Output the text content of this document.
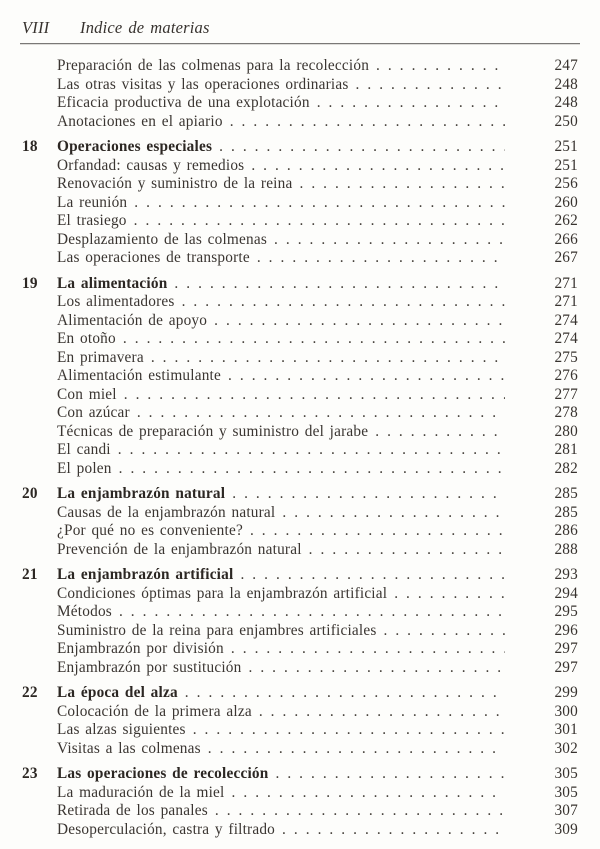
VIII	Indice de materias
Preparación de las colmenas para la recolección . . .	247
Las otras visitas y las operaciones ordinarias . . .	248
Eficacia productiva de una explotación . . .	248
Anotaciones en el apiario . . .	250
18	Operaciones especiales . . .	251
Orfandad: causas y remedios . . .	251
Renovación y suministro de la reina . . .	256
La reunión . . .	260
El trasiego . . .	262
Desplazamiento de las colmenas . . .	266
Las operaciones de transporte . . .	267
19	La alimentación . . .	271
Los alimentadores . . .	271
Alimentación de apoyo . . .	274
En otoño . . .	274
En primavera . . .	275
Alimentación estimulante . . .	276
Con miel . . .	277
Con azúcar . . .	278
Técnicas de preparación y suministro del jarabe . . .	280
El candi . . .	281
El polen . . .	282
20	La enjambrazón natural . . .	285
Causas de la enjambrazón natural . . .	285
¿Por qué no es conveniente? . . .	286
Prevención de la enjambrazón natural . . .	288
21	La enjambrazón artificial . . .	293
Condiciones óptimas para la enjambrazón artificial . . .	294
Métodos . . .	295
Suministro de la reina para enjambres artificiales . . .	296
Enjambrazón por división . . .	297
Enjambrazón por sustitución . . .	297
22	La época del alza . . .	299
Colocación de la primera alza . . .	300
Las alzas siguientes . . .	301
Visitas a las colmenas . . .	302
23	Las operaciones de recolección . . .	305
La maduración de la miel . . .	305
Retirada de los panales . . .	307
Desoperculación, castra y filtrado . . .	309
